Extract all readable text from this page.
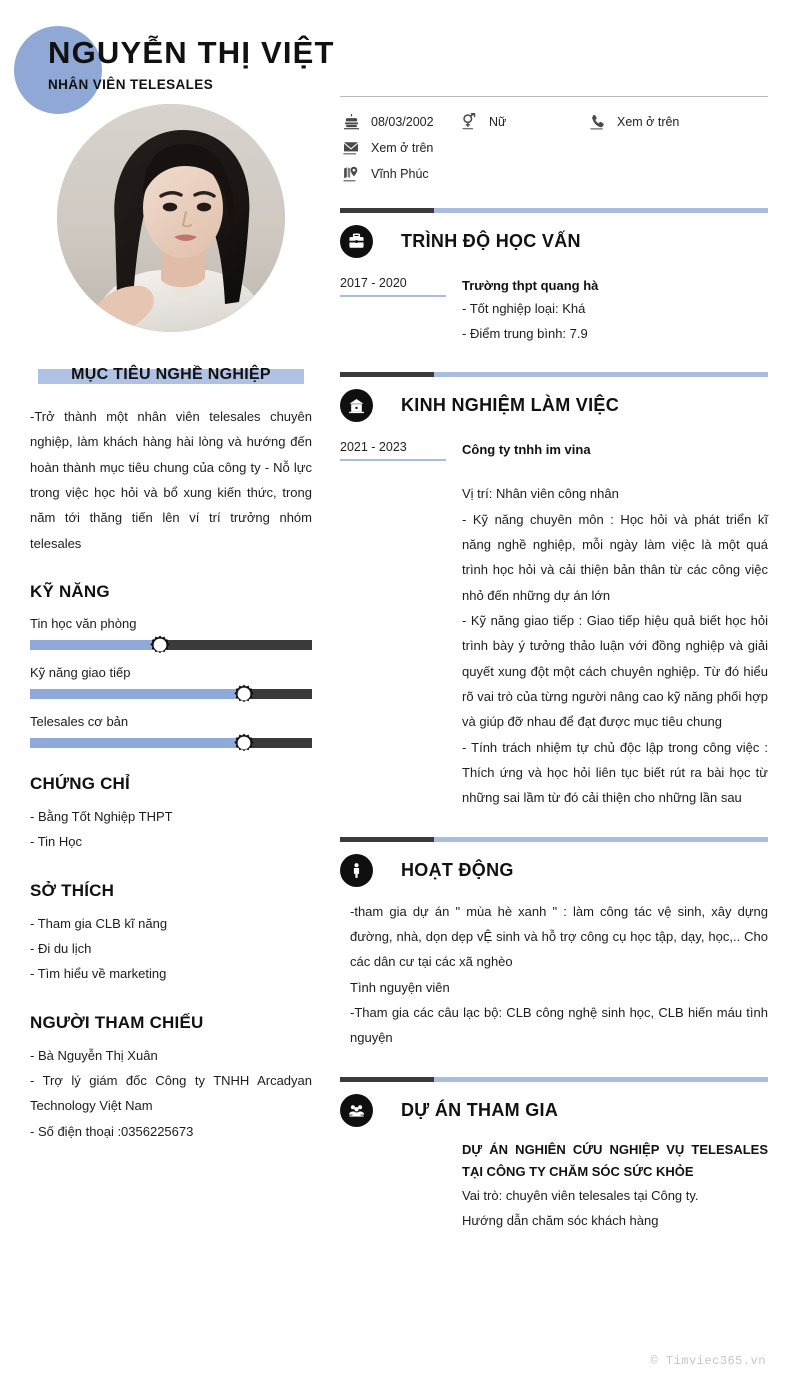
NGUYỄN THỊ VIỆT
NHÂN VIÊN TELESALES
MỤC TIÊU NGHỀ NGHIỆP
-Trở thành một nhân viên telesales chuyên nghiệp, làm khách hàng hài lòng và hướng đến hoàn thành mục tiêu chung của công ty - Nỗ lực trong việc học hỏi và bổ xung kiến thức, trong năm tới thăng tiến lên ví trí trưởng nhóm telesales
KỸ NĂNG
Tin học văn phòng
Kỹ năng giao tiếp
Telesales cơ bản
CHỨNG CHỈ
- Bằng Tốt Nghiệp THPT
- Tin Học
SỞ THÍCH
- Tham gia CLB kĩ năng
- Đi du lịch
- Tìm hiểu về marketing
NGƯỜI THAM CHIẾU
- Bà Nguyễn Thị Xuân
- Trợ lý giám đốc Công ty TNHH Arcadyan Technology Việt Nam
- Số điện thoại :0356225673
08/03/2002	Nữ	Xem ở trên
Xem ở trên
Vĩnh Phúc
TRÌNH ĐỘ HỌC VẤN
2017 - 2020	Trường thpt quang hà
- Tốt nghiệp loại: Khá
- Điểm trung bình: 7.9
KINH NGHIỆM LÀM VIỆC
2021 - 2023	Công ty tnhh im vina
Vị trí: Nhân viên công nhân
- Kỹ năng chuyên môn : Học hỏi và phát triển kĩ năng nghề nghiệp, mỗi ngày làm việc là một quá trình học hỏi và cải thiện bản thân từ các công việc nhỏ đến những dự án lớn
- Kỹ năng giao tiếp : Giao tiếp hiệu quả biết học hỏi trình bày ý tưởng thảo luận với đồng nghiệp và giải quyết xung đột một cách chuyên nghiệp. Từ đó hiểu rõ vai trò của từng người nâng cao kỹ năng phối hợp và giúp đỡ nhau để đạt được mục tiêu chung
- Tính trách nhiệm tự chủ độc lập trong công việc : Thích ứng và học hỏi liên tục biết rút ra bài học từ những sai lầm từ đó cải thiện cho những lần sau
HOẠT ĐỘNG
-tham gia dự án " mùa hè xanh " : làm công tác vệ sinh, xây dựng đường, nhà, dọn dẹp vỆ sinh và hỗ trợ công cụ học tập, dạy, học,.. Cho các dân cư tại các xã nghèo
Tình nguyện viên
-Tham gia các câu lạc bộ: CLB công nghệ sinh học, CLB hiến máu tình nguyện
DỰ ÁN THAM GIA
DỰ ÁN NGHIÊN CỨU NGHIỆP VỤ TELESALES TẠI CÔNG TY CHĂM SÓC SỨC KHỎE
Vai trò: chuyên viên telesales tại Công ty.
Hướng dẫn chăm sóc khách hàng
© Timviec365.vn
